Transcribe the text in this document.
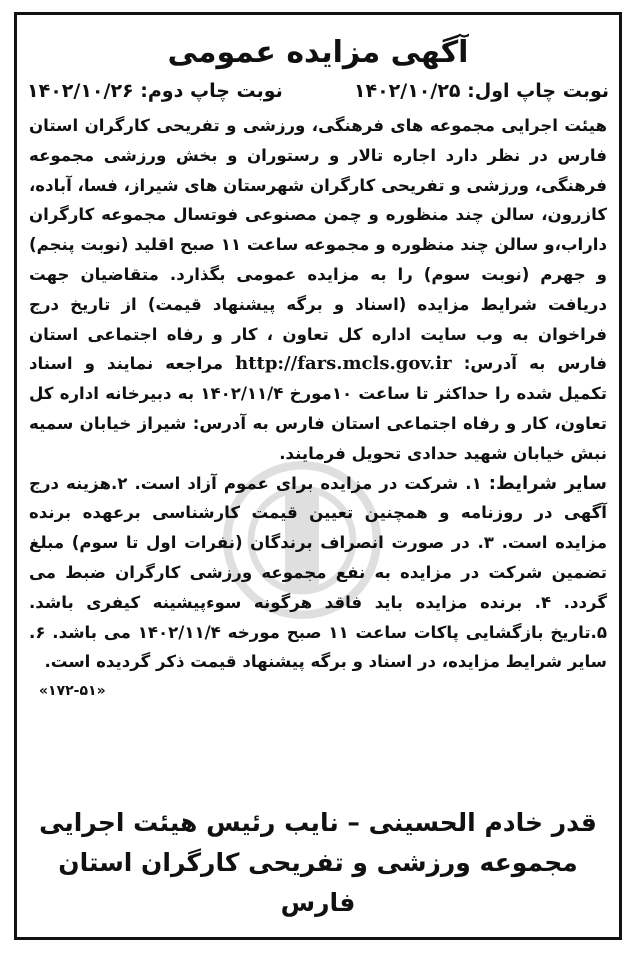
آگهی مزایده عمومی
نوبت چاپ اول: ۱۴۰۲/۱۰/۲۵
نوبت چاپ دوم: ۱۴۰۲/۱۰/۲۶

هیئت اجرایی مجموعه های فرهنگی، ورزشی و تفریحی کارگران استان فارس در نظر دارد اجاره تالار و رستوران و بخش ورزشی مجموعه فرهنگی، ورزشی و تفریحی کارگران شهرستان های شیراز، فسا، آباده، کازرون، سالن چند منظوره و چمن مصنوعی فوتسال مجموعه کارگران داراب،و سالن چند منظوره و مجموعه ساعت ۱۱ صبح اقلید (نوبت پنجم) و جهرم (نوبت سوم) را به مزایده عمومی بگذارد. متقاضیان جهت دریافت شرایط مزایده (اسناد و برگه پیشنهاد قیمت) از تاریخ درج فراخوان به وب سایت اداره کل تعاون ، کار و رفاه اجتماعی استان فارس به آدرس: http://fars.mcls.gov.ir مراجعه نمایند و اسناد تکمیل شده را حداکثر تا ساعت ۱۰مورخ ۱۴۰۲/۱۱/۴ به دبیرخانه اداره کل تعاون، کار و رفاه اجتماعی استان فارس به آدرس: شیراز خیابان سمیه نبش خیابان شهید حدادی تحویل فرمایند.

سایر شرایط: ۱. شرکت در مزایده برای عموم آزاد است. ۲.هزینه درج آگهی در روزنامه و همچنین تعیین قیمت کارشناسی برعهده برنده مزایده است. ۳. در صورت انصراف برندگان (نفرات اول تا سوم) مبلغ تضمین شرکت در مزایده به نفع مجموعه ورزشی کارگران ضبط می گردد. ۴. برنده مزایده باید فاقد هرگونه سوءپیشینه کیفری باشد. ۵.تاریخ بازگشایی پاکات ساعت ۱۱ صبح مورخه ۱۴۰۲/۱۱/۴ می باشد. ۶. سایر شرایط مزایده، در اسناد و برگه پیشنهاد قیمت ذکر گردیده است.
«۱۷۲-۵۱»

قدر خادم الحسینی – نایب رئیس هیئت اجرایی
مجموعه ورزشی و تفریحی کارگران استان فارس
